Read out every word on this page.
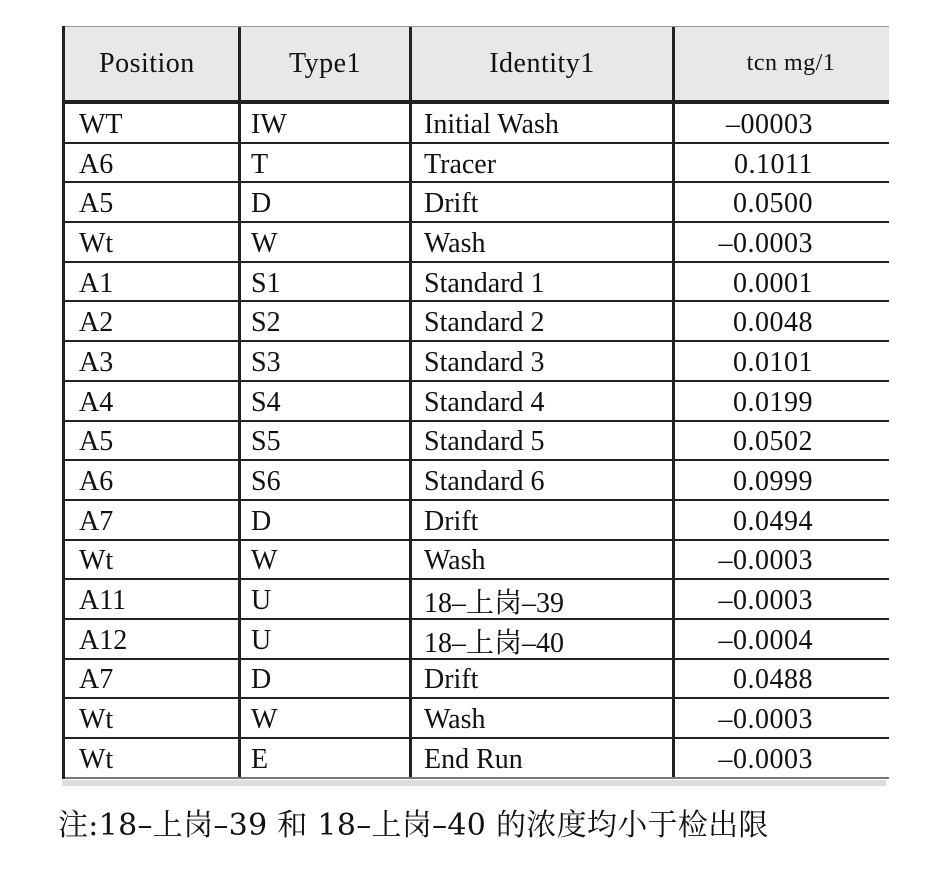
Position	Type1	Identity1	tcn mg/1
WT	IW	Initial Wash	​ ​–​00003
A6	T	Tracer	0.1011
A5	D	Drift	0.0500
Wt	W	Wash	–0.0003
A1	S1	Standard 1	0.0001
A2	S2	Standard 2	0.0048
A3	S3	Standard 3	0.0101
A4	S4	Standard 4	0.0199
A5	S5	Standard 5	0.0502
A6	S6	Standard 6	0.0999
A7	D	Drift	0.0494
Wt	W	Wash	–0.0003
A11	U	18–上岗–39	–0.0003
A12	U	18–上岗–40	–0.0004
A7	D	Drift	0.0488
Wt	W	Wash	–0.0003
Wt	E	End Run	–0.0003
注:18–上岗–39 和 18–上岗–40 的浓度均小于检出限
